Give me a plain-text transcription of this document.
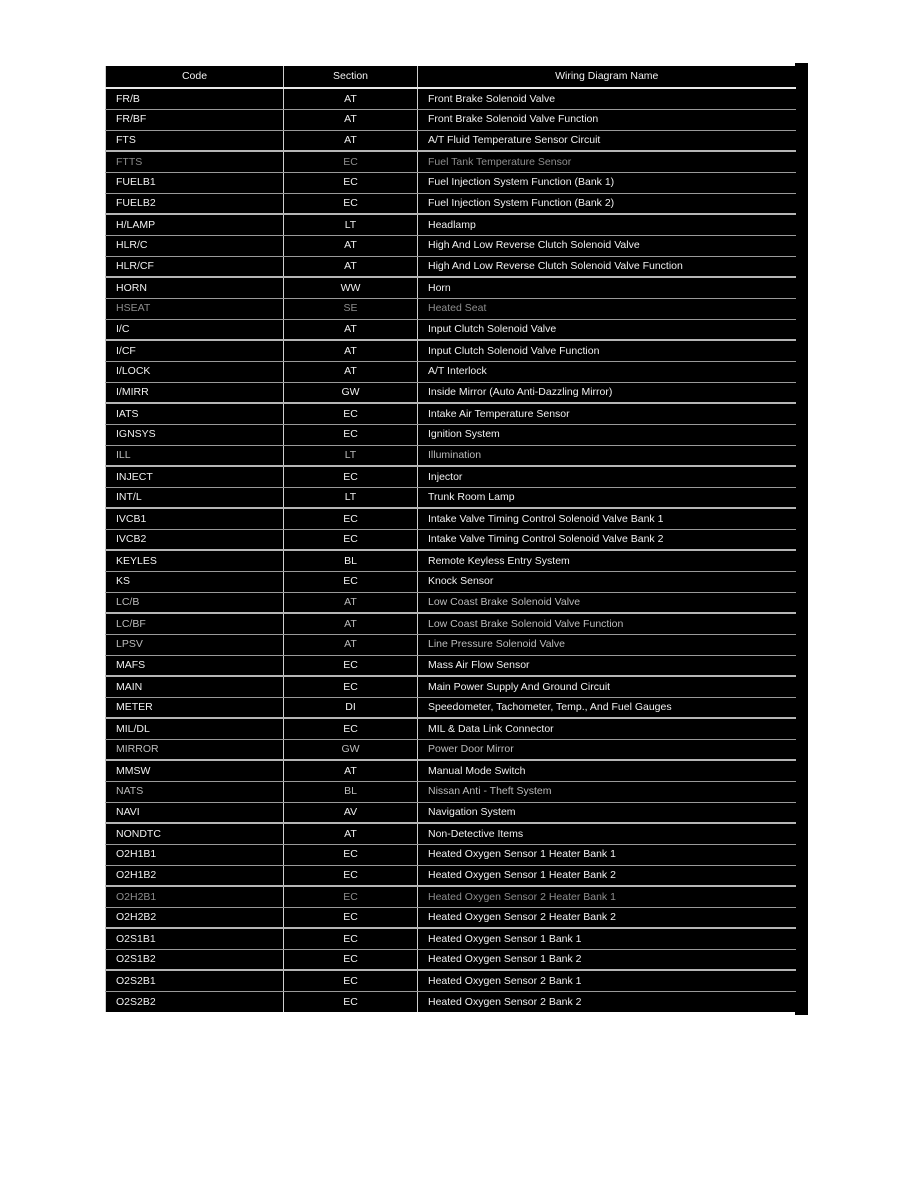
Code	Section	Wiring Diagram Name
FR/B	AT	Front Brake Solenoid Valve
FR/BF	AT	Front Brake Solenoid Valve Function
FTS	AT	A/T Fluid Temperature Sensor Circuit
FTTS	EC	Fuel Tank Temperature Sensor
FUELB1	EC	Fuel Injection System Function (Bank 1)
FUELB2	EC	Fuel Injection System Function (Bank 2)
H/LAMP	LT	Headlamp
HLR/C	AT	High And Low Reverse Clutch Solenoid Valve
HLR/CF	AT	High And Low Reverse Clutch Solenoid Valve Function
HORN	WW	Horn
HSEAT	SE	Heated Seat
I/C	AT	Input Clutch Solenoid Valve
I/CF	AT	Input Clutch Solenoid Valve Function
I/LOCK	AT	A/T Interlock
I/MIRR	GW	Inside Mirror (Auto Anti-Dazzling Mirror)
IATS	EC	Intake Air Temperature Sensor
IGNSYS	EC	Ignition System
ILL	LT	Illumination
INJECT	EC	Injector
INT/L	LT	Trunk Room Lamp
IVCB1	EC	Intake Valve Timing Control Solenoid Valve Bank 1
IVCB2	EC	Intake Valve Timing Control Solenoid Valve Bank 2
KEYLES	BL	Remote Keyless Entry System
KS	EC	Knock Sensor
LC/B	AT	Low Coast Brake Solenoid Valve
LC/BF	AT	Low Coast Brake Solenoid Valve Function
LPSV	AT	Line Pressure Solenoid Valve
MAFS	EC	Mass Air Flow Sensor
MAIN	EC	Main Power Supply And Ground Circuit
METER	DI	Speedometer, Tachometer, Temp., And Fuel Gauges
MIL/DL	EC	MIL & Data Link Connector
MIRROR	GW	Power Door Mirror
MMSW	AT	Manual Mode Switch
NATS	BL	Nissan Anti - Theft System
NAVI	AV	Navigation System
NONDTC	AT	Non-Detective Items
O2H1B1	EC	Heated Oxygen Sensor 1 Heater Bank 1
O2H1B2	EC	Heated Oxygen Sensor 1 Heater Bank 2
O2H2B1	EC	Heated Oxygen Sensor 2 Heater Bank 1
O2H2B2	EC	Heated Oxygen Sensor 2 Heater Bank 2
O2S1B1	EC	Heated Oxygen Sensor 1 Bank 1
O2S1B2	EC	Heated Oxygen Sensor 1 Bank 2
O2S2B1	EC	Heated Oxygen Sensor 2 Bank 1
O2S2B2	EC	Heated Oxygen Sensor 2 Bank 2
